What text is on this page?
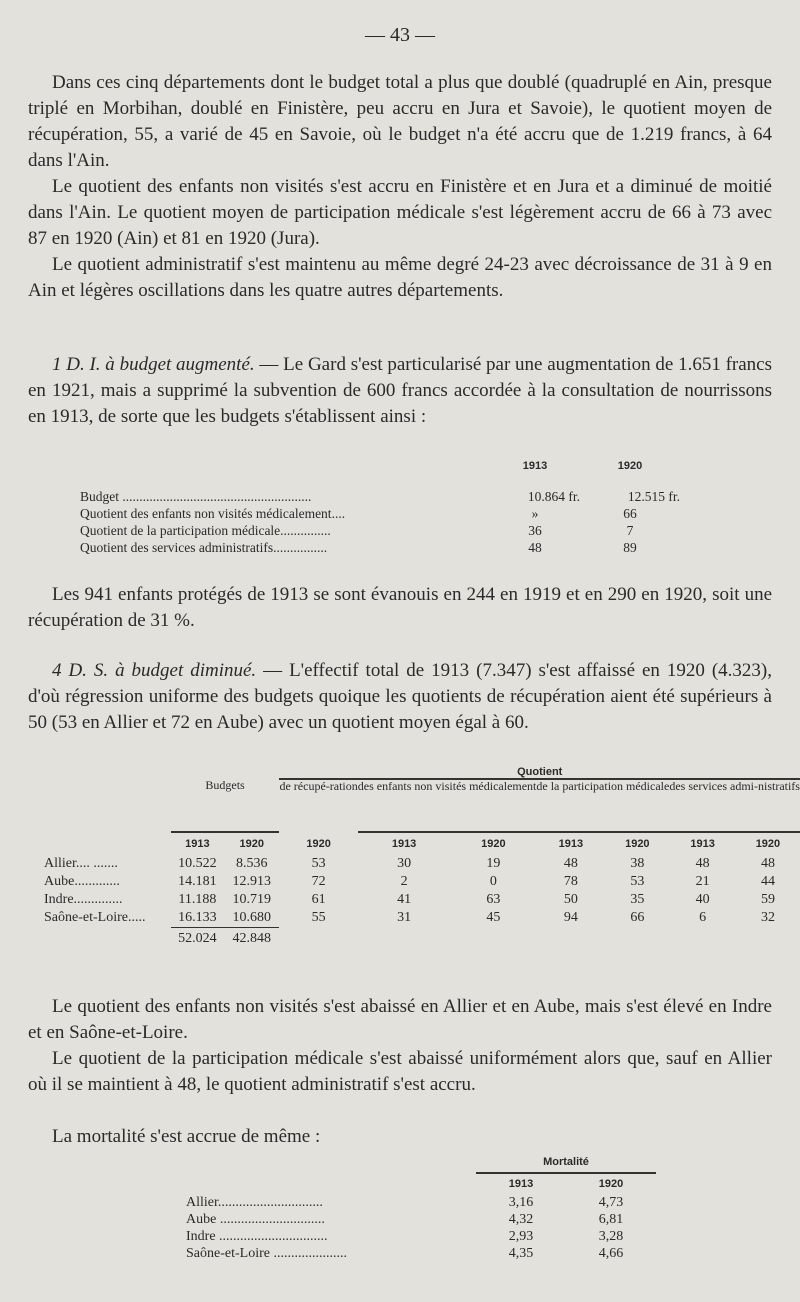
— 43 —

Dans ces cinq départements dont le budget total a plus que doublé (quadruplé en Ain, presque triplé en Morbihan, doublé en Finistère, peu accru en Jura et Savoie), le quotient moyen de récupération, 55, a varié de 45 en Savoie, où le budget n'a été accru que de 1.219 francs, à 64 dans l'Ain.

Le quotient des enfants non visités s'est accru en Finistère et en Jura et a diminué de moitié dans l'Ain. Le quotient moyen de participation médicale s'est légèrement accru de 66 à 73 avec 87 en 1920 (Ain) et 81 en 1920 (Jura).

Le quotient administratif s'est maintenu au même degré 24-23 avec décroissance de 31 à 9 en Ain et légères oscillations dans les quatre autres départements.

1 D. I. à budget augmenté. — Le Gard s'est particularisé par une augmentation de 1.651 francs en 1921, mais a supprimé la subvention de 600 francs accordée à la consultation de nourrissons en 1913, de sorte que les budgets s'établissent ainsi :

	1913	1920
Budget ........................................................	10.864 fr.	12.515 fr.
Quotient des enfants non visités médicalement....	»	66
Quotient de la participation médicale...............	36	7
Quotient des services administratifs................	48	89

Les 941 enfants protégés de 1913 se sont évanouis en 244 en 1919 et en 290 en 1920, soit une récupération de 31 %.

4 D. S. à budget diminué. — L'effectif total de 1913 (7.347) s'est affaissé en 1920 (4.323), d'où régression uniforme des budgets quoique les quotients de récupération aient été supérieurs à 50 (53 en Allier et 72 en Aube) avec un quotient moyen égal à 60.

			Quotient						
	Budgets		de récupé-ration	des enfants non visités médicalement		de la participation médicale		des services admi-nistratifs	
	1913	1920	1920	1913	1920	1913	1920	1913	1920
Allier.... .......	10.522	8.536	53	30	19	48	38	48	48
Aube.............	14.181	12.913	72	2	0	78	53	21	44
Indre..............	11.188	10.719	61	41	63	50	35	40	59
Saône-et-Loire.....	16.133	10.680	55	31	45	94	66	6	32
	52.024	42.848							

Le quotient des enfants non visités s'est abaissé en Allier et en Aube, mais s'est élevé en Indre et en Saône-et-Loire.

Le quotient de la participation médicale s'est abaissé uniformément alors que, sauf en Allier où il se maintient à 48, le quotient administratif s'est accru.

La mortalité s'est accrue de même :

	Mortalité	
	1913	1920
Allier..............................	3,16	4,73
Aube ..............................	4,32	6,81
Indre ...............................	2,93	3,28
Saône-et-Loire .....................	4,35	4,66
